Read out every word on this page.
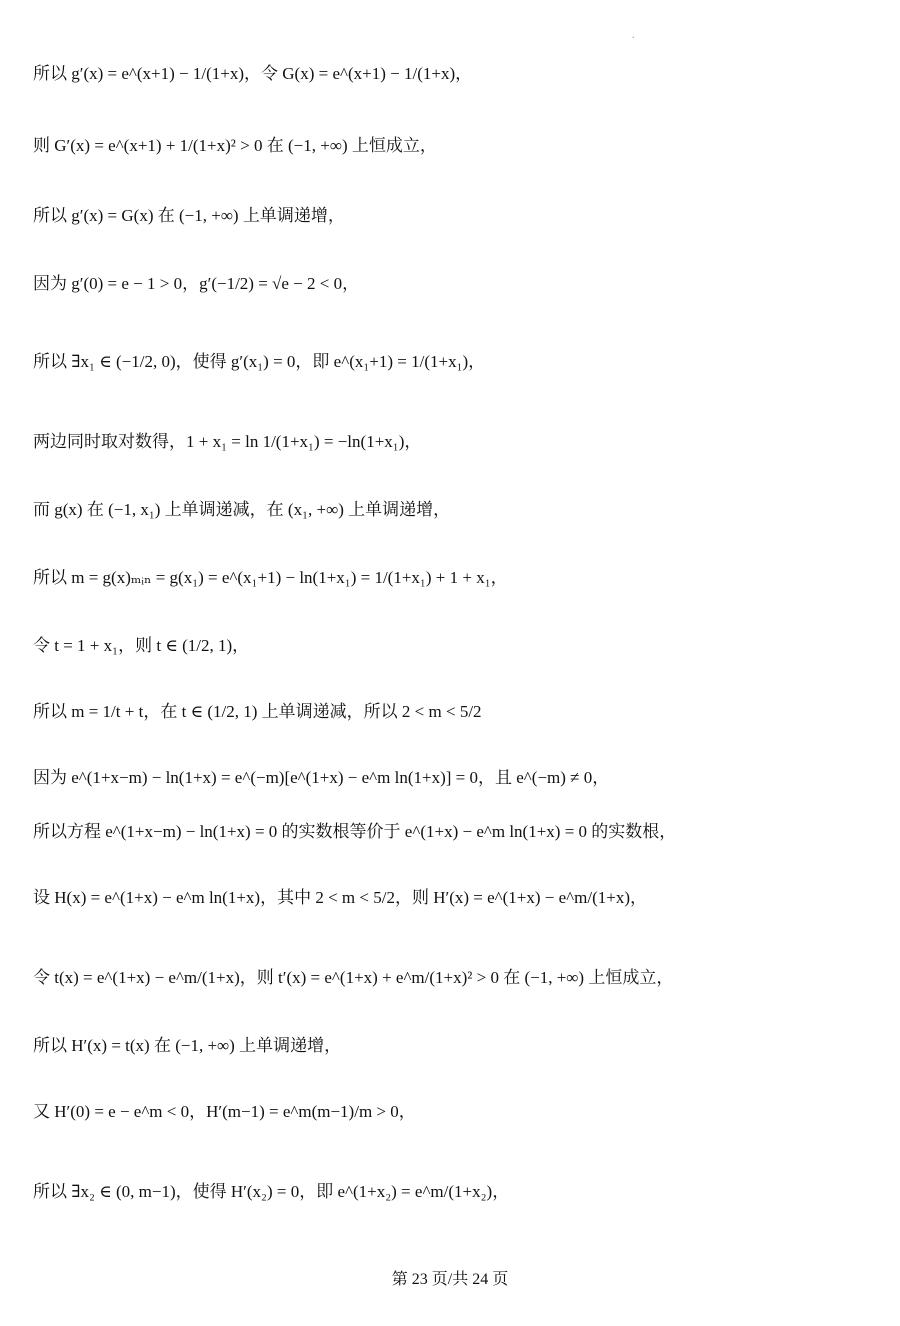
.
所以 g′(x) = e^(x+1) − 1/(1+x)，令 G(x) = e^(x+1) − 1/(1+x)，
则 G′(x) = e^(x+1) + 1/(1+x)² > 0 在 (−1, +∞) 上恒成立，
所以 g′(x) = G(x) 在 (−1, +∞) 上单调递增，
因为 g′(0) = e − 1 > 0，g′(−1/2) = √e − 2 < 0，
所以 ∃x₁ ∈ (−1/2, 0)，使得 g′(x₁) = 0，即 e^(x₁+1) = 1/(1+x₁)，
两边同时取对数得，1 + x₁ = ln 1/(1+x₁) = −ln(1+x₁)，
而 g(x) 在 (−1, x₁) 上单调递减，在 (x₁, +∞) 上单调递增，
所以 m = g(x)ₘᵢₙ = g(x₁) = e^(x₁+1) − ln(1+x₁) = 1/(1+x₁) + 1 + x₁，
令 t = 1 + x₁，则 t ∈ (1/2, 1)，
所以 m = 1/t + t，在 t ∈ (1/2, 1) 上单调递减，所以 2 < m < 5/2
因为 e^(1+x−m) − ln(1+x) = e^(−m)[e^(1+x) − e^m ln(1+x)] = 0，且 e^(−m) ≠ 0，
所以方程 e^(1+x−m) − ln(1+x) = 0 的实数根等价于 e^(1+x) − e^m ln(1+x) = 0 的实数根，
设 H(x) = e^(1+x) − e^m ln(1+x)，其中 2 < m < 5/2，则 H′(x) = e^(1+x) − e^m/(1+x)，
令 t(x) = e^(1+x) − e^m/(1+x)，则 t′(x) = e^(1+x) + e^m/(1+x)² > 0 在 (−1, +∞) 上恒成立，
所以 H′(x) = t(x) 在 (−1, +∞) 上单调递增，
又 H′(0) = e − e^m < 0，H′(m−1) = e^m(m−1)/m > 0，
所以 ∃x₂ ∈ (0, m−1)，使得 H′(x₂) = 0，即 e^(1+x₂) = e^m/(1+x₂)，
第 23 页/共 24 页
